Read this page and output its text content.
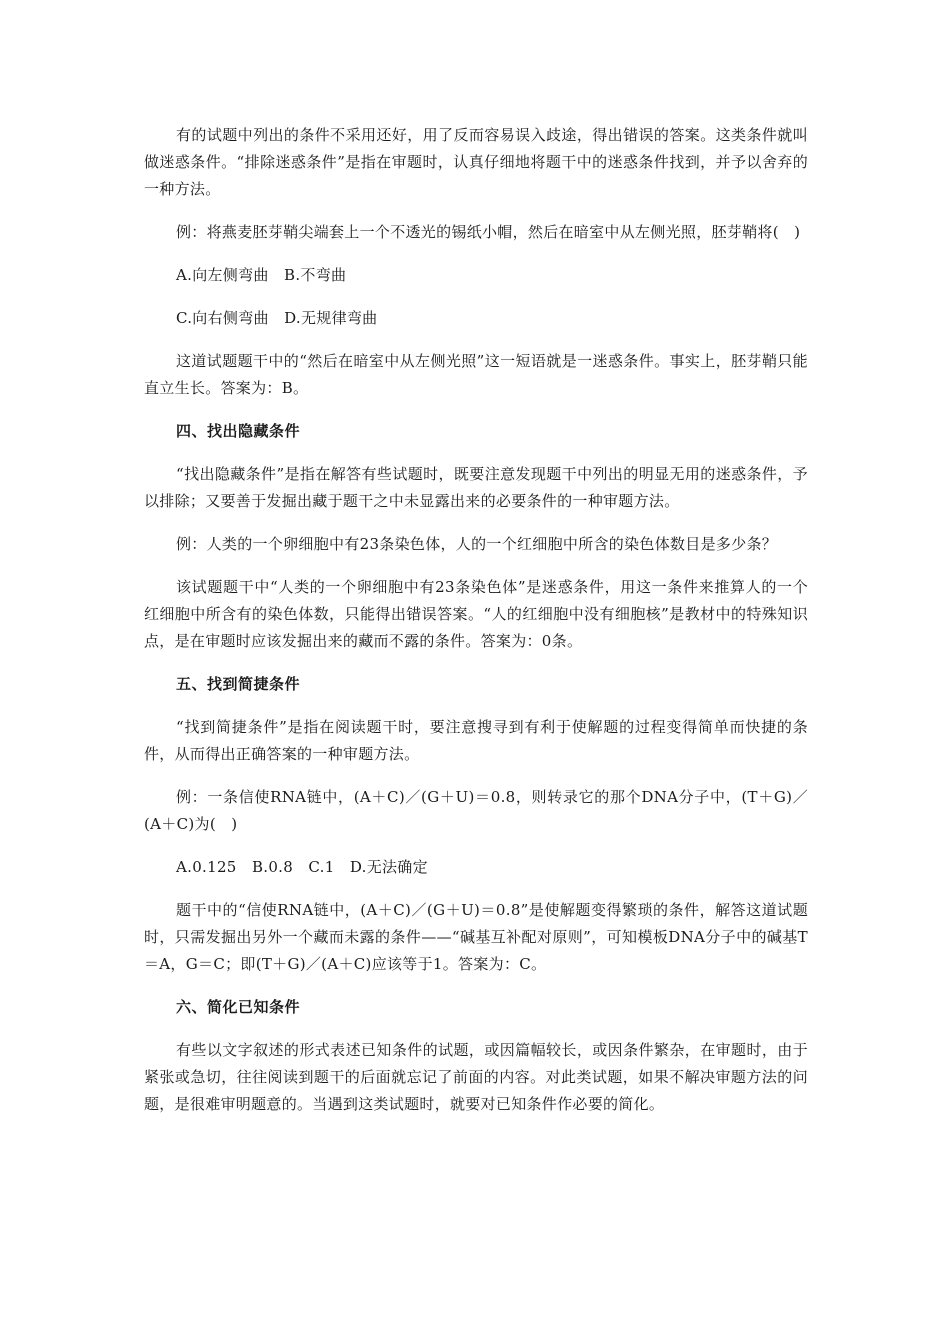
有的试题中列出的条件不采用还好，用了反而容易误入歧途，得出错误的答案。这类条件就叫做迷惑条件。“排除迷惑条件”是指在审题时，认真仔细地将题干中的迷惑条件找到，并予以舍弃的一种方法。

例：将燕麦胚芽鞘尖端套上一个不透光的锡纸小帽，然后在暗室中从左侧光照，胚芽鞘将(　)

A.向左侧弯曲　B.不弯曲

C.向右侧弯曲　D.无规律弯曲

这道试题题干中的“然后在暗室中从左侧光照”这一短语就是一迷惑条件。事实上，胚芽鞘只能直立生长。答案为：B。

四、找出隐藏条件

“找出隐藏条件”是指在解答有些试题时，既要注意发现题干中列出的明显无用的迷惑条件，予以排除；又要善于发掘出藏于题干之中未显露出来的必要条件的一种审题方法。

例：人类的一个卵细胞中有23条染色体，人的一个红细胞中所含的染色体数目是多少条？

该试题题干中“人类的一个卵细胞中有23条染色体”是迷惑条件，用这一条件来推算人的一个红细胞中所含有的染色体数，只能得出错误答案。“人的红细胞中没有细胞核”是教材中的特殊知识点，是在审题时应该发掘出来的藏而不露的条件。答案为：0条。

五、找到简捷条件

“找到简捷条件”是指在阅读题干时，要注意搜寻到有利于使解题的过程变得简单而快捷的条件，从而得出正确答案的一种审题方法。

例：一条信使RNA链中，(A＋C)／(G＋U)＝0.8，则转录它的那个DNA分子中，(T＋G)／(A＋C)为(　)

A.0.125　B.0.8　C.1　D.无法确定

题干中的“信使RNA链中，(A＋C)／(G＋U)＝0.8”是使解题变得繁琐的条件，解答这道试题时，只需发掘出另外一个藏而未露的条件——“碱基互补配对原则”，可知模板DNA分子中的碱基T＝A，G＝C；即(T＋G)／(A＋C)应该等于1。答案为：C。

六、简化已知条件

有些以文字叙述的形式表述已知条件的试题，或因篇幅较长，或因条件繁杂，在审题时，由于紧张或急切，往往阅读到题干的后面就忘记了前面的内容。对此类试题，如果不解决审题方法的问题，是很难审明题意的。当遇到这类试题时，就要对已知条件作必要的简化。
